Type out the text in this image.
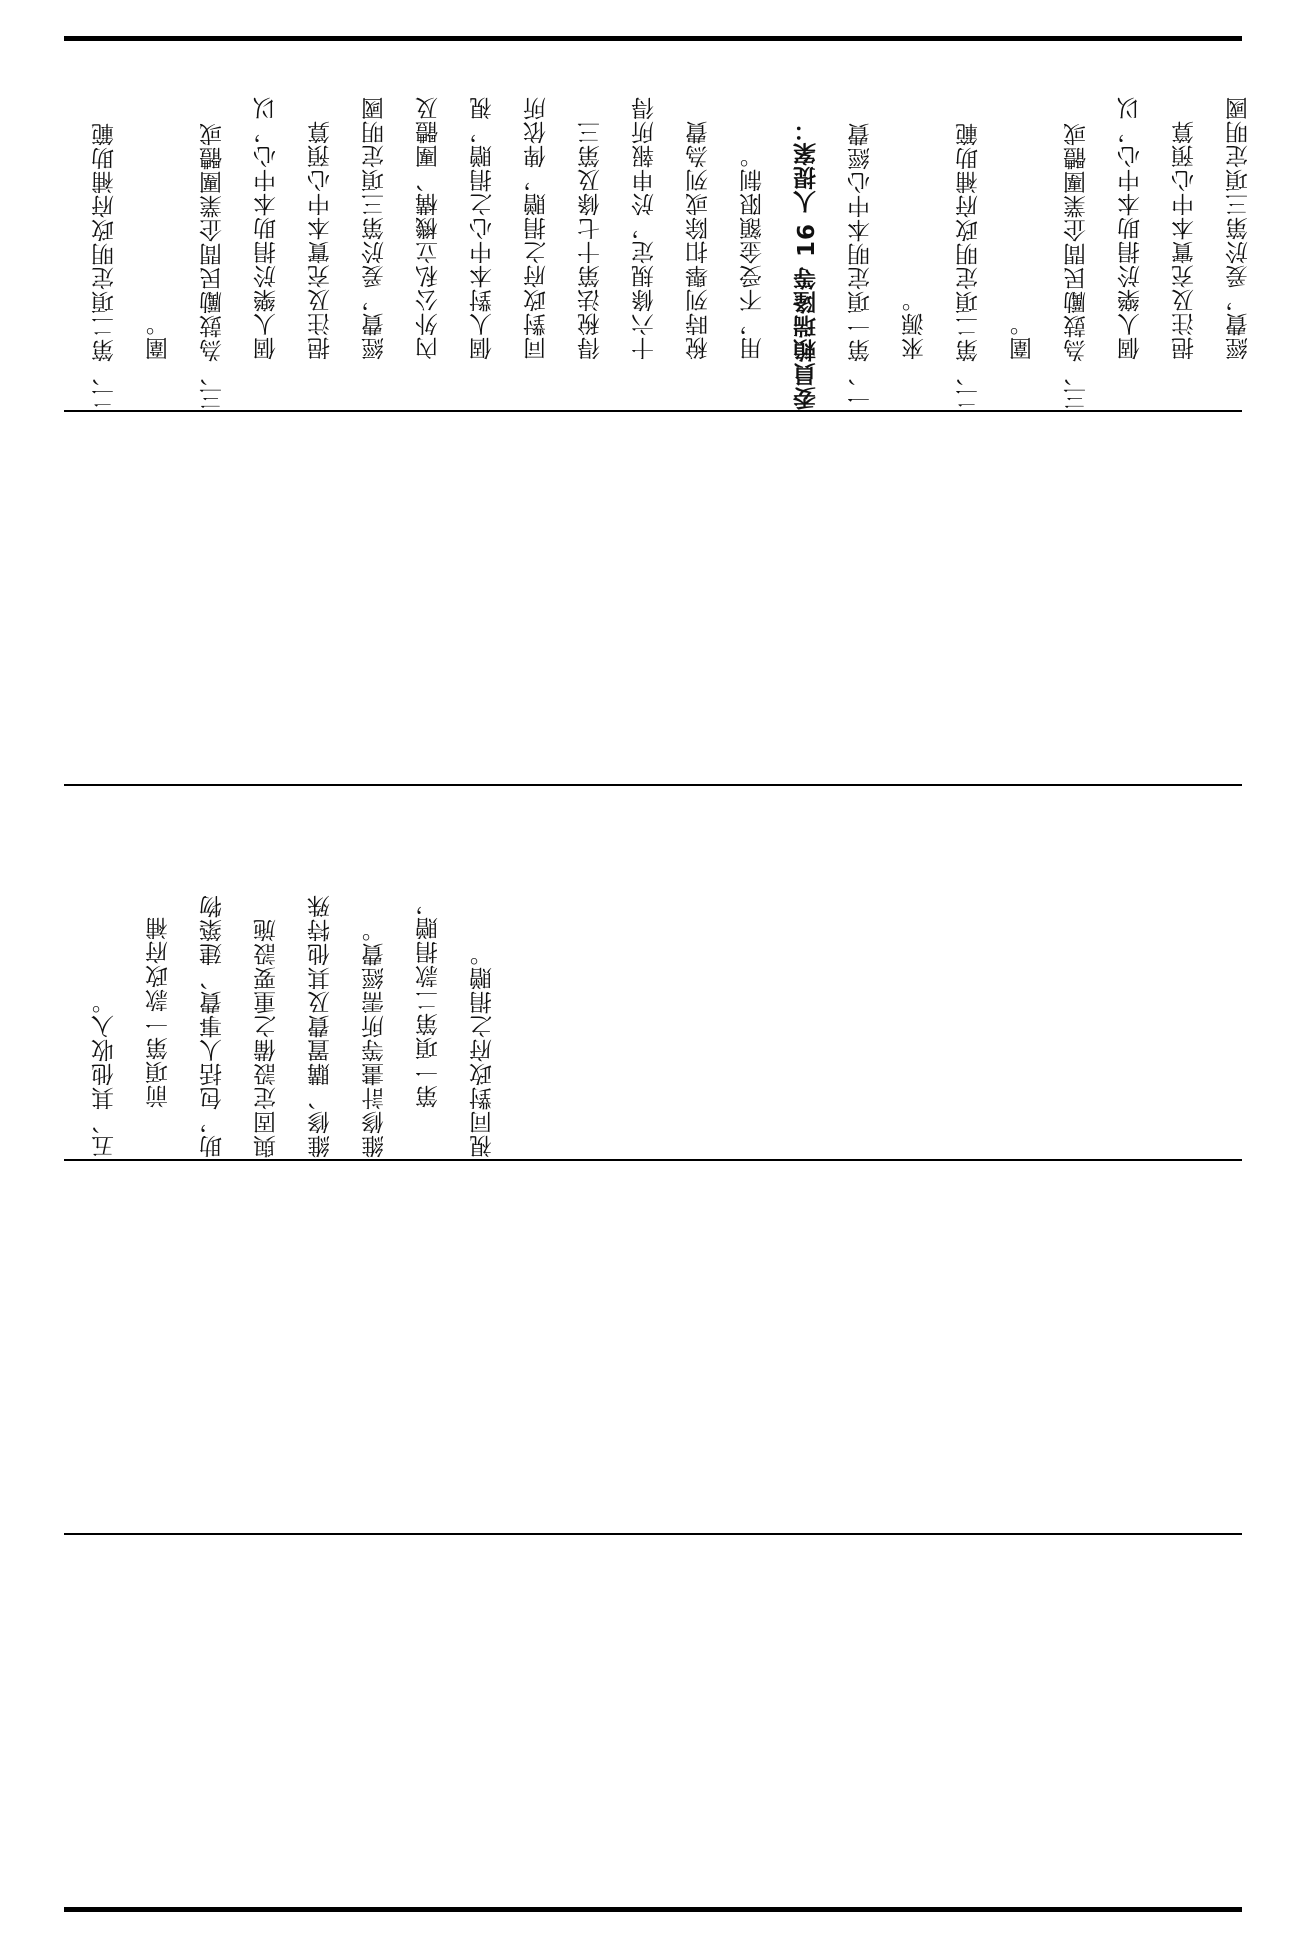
二、第二項定明政府補助範	圍。	三、為鼓勵民間企業團體或	個人樂於捐助本中心，以	挹注及充實本中心預算	經費，爰於第三項定明國	內外公私立機構、團體及	個人對本中心之捐贈，視	同對政府之捐贈，俾依所	得稅法第十七條及第三	十六條規定，於申報所得	稅時列舉扣除或列為費	用，不受金額限制。	委員賴瑞隆等 16 人提案：	一、第一項定明本中心經費	來源。	二、第二項定明政府補助範	圍。	三、為鼓勵民間企業團體或	個人樂於捐助本中心，以	挹注及充實本中心預算	經費，爰於第三項定明國
五、其他收入。	前項第一款政府補	助，包括人事費、建築物	與固定設備之重要設施	維修、購置費及其他特殊	維修計畫等所需經費。	第一項第二款捐贈，	視同對政府之捐贈。
